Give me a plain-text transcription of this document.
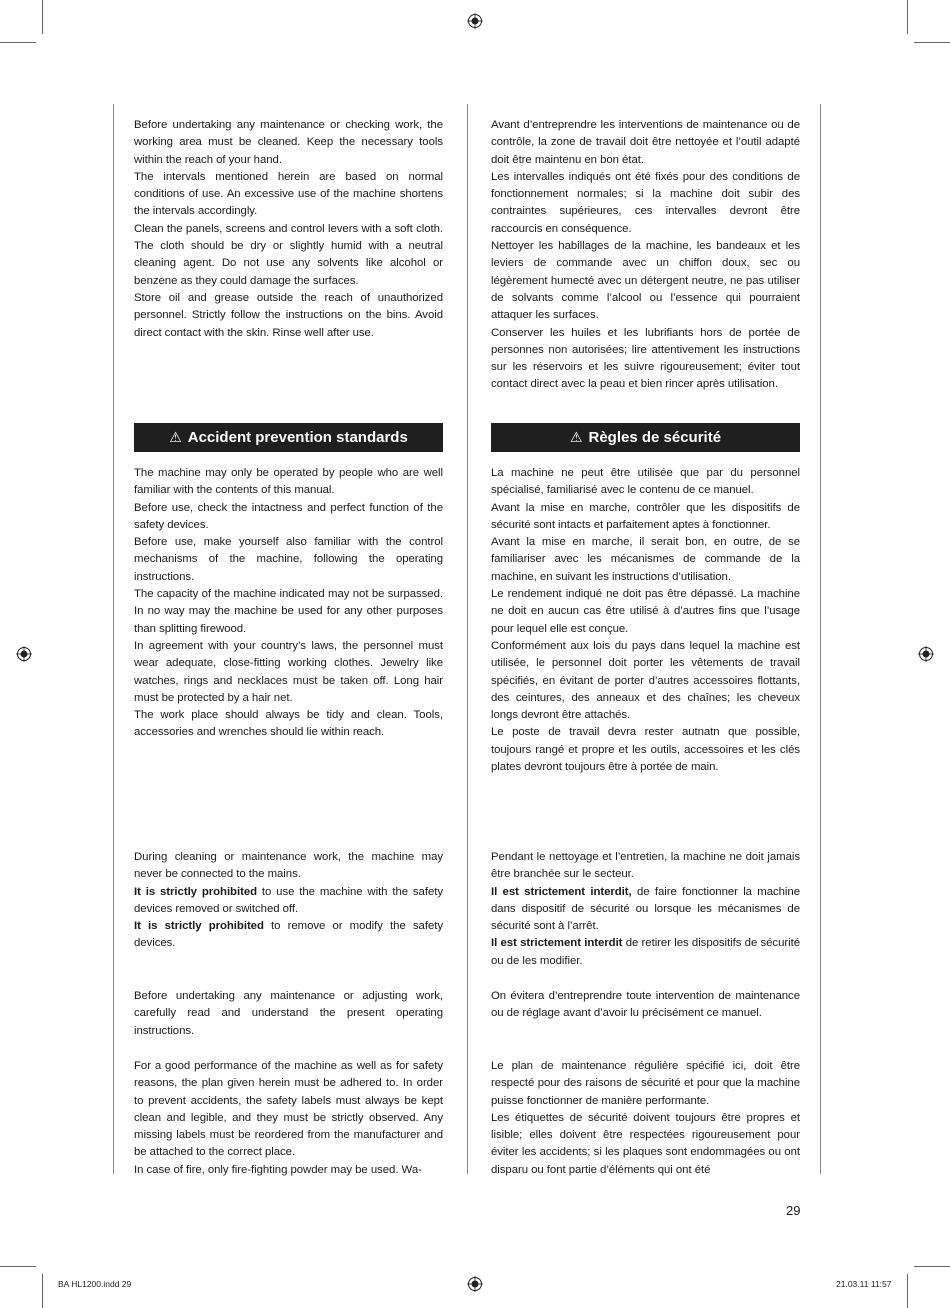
Before undertaking any maintenance or checking work, the working area must be cleaned. Keep the necessary tools within the reach of your hand.

The intervals mentioned herein are based on normal conditions of use. An excessive use of the machine shortens the intervals accordingly.

Clean the panels, screens and control levers with a soft cloth. The cloth should be dry or slightly humid with a neutral cleaning agent. Do not use any solvents like alcohol or benzene as they could damage the surfaces.

Store oil and grease outside the reach of unauthorized personnel. Strictly follow the instructions on the bins. Avoid direct contact with the skin. Rinse well after use.

⚠ Accident prevention standards

The machine may only be operated by people who are well familiar with the contents of this manual.

Before use, check the intactness and perfect function of the safety devices.

Before use, make yourself also familiar with the control mechanisms of the machine, following the operating instructions.

The capacity of the machine indicated may not be surpassed. In no way may the machine be used for any other purposes than splitting firewood.

In agreement with your country’s laws, the personnel must wear adequate, close-fitting working clothes. Jewelry like watches, rings and necklaces must be taken off. Long hair must be protected by a hair net.

The work place should always be tidy and clean. Tools, accessories and wrenches should lie within reach.

During cleaning or maintenance work, the machine may never be connected to the mains.

It is strictly prohibited to use the machine with the safety devices removed or switched off.

It is strictly prohibited to remove or modify the safety devices.

Before undertaking any maintenance or adjusting work, carefully read and understand the present operating instructions.

For a good performance of the machine as well as for safety reasons, the plan given herein must be adhered to. In order to prevent accidents, the safety labels must always be kept clean and legible, and they must be strictly observed. Any missing labels must be reordered from the manufacturer and be attached to the correct place.

In case of fire, only fire-fighting powder may be used. Wa-

Avant d’entreprendre les interventions de maintenance ou de contrôle, la zone de travail doit être nettoyée et l’outil adapté doit être maintenu en bon état.

Les intervalles indiqués ont été fixés pour des conditions de fonctionnement normales; si la machine doit subir des contraintes supérieures, ces intervalles devront être raccourcis en conséquence.

Nettoyer les habillages de la machine, les bandeaux et les leviers de commande avec un chiffon doux, sec ou légèrement humecté avec un détergent neutre, ne pas utiliser de solvants comme l’alcool ou l’essence qui pourraient attaquer les surfaces.

Conserver les huiles et les lubrifiants hors de portée de personnes non autorisées; lire attentivement les instructions sur les réservoirs et les suivre rigoureusement; éviter tout contact direct avec la peau et bien rincer après utilisation.

⚠ Règles de sécurité

La machine ne peut être utilisée que par du personnel spécialisé, familiarisé avec le contenu de ce manuel.

Avant la mise en marche, contrôler que les dispositifs de sécurité sont intacts et parfaitement aptes à fonctionner.

Avant la mise en marche, il serait bon, en outre, de se familiariser avec les mécanismes de commande de la machine, en suivant les instructions d’utilisation.

Le rendement indiqué ne doit pas être dépassé. La machine ne doit en aucun cas être utilisé à d’autres fins que l’usage pour lequel elle est conçue.

Conformément aux lois du pays dans lequel la machine est utilisée, le personnel doit porter les vêtements de travail spécifiés, en évitant de porter d’autres accessoires flottants, des ceintures, des anneaux et des chaînes; les cheveux longs devront être attachés.

Le poste de travail devra rester autnatn que possible, toujours rangé et propre et les outils, accessoires et les clés plates devront toujours être à portée de main.

Pendant le nettoyage et l’entretien, la machine ne doit jamais être branchée sur le secteur.

Il est strictement interdit, de faire fonctionner la machine dans dispositif de sécurité ou lorsque les mécanismes de sécurité sont à l’arrêt.

Il est strictement interdit de retirer les dispositifs de sécurité ou de les modifier.

On évitera d’entreprendre toute intervention de maintenance ou de réglage avant d’avoir lu précisément ce manuel.

Le plan de maintenance régulière spécifié ici, doit être respecté pour des raisons de sécurité et pour que la machine puisse fonctionner de manière performante.

Les étiquettes de sécurité doivent toujours être propres et lisible; elles doivent être respectées rigoureusement pour éviter les accidents; si les plaques sont endommagées ou ont disparu ou font partie d’éléments qui ont été

29
BA HL1200.indd 29	21.03.11 11:57
